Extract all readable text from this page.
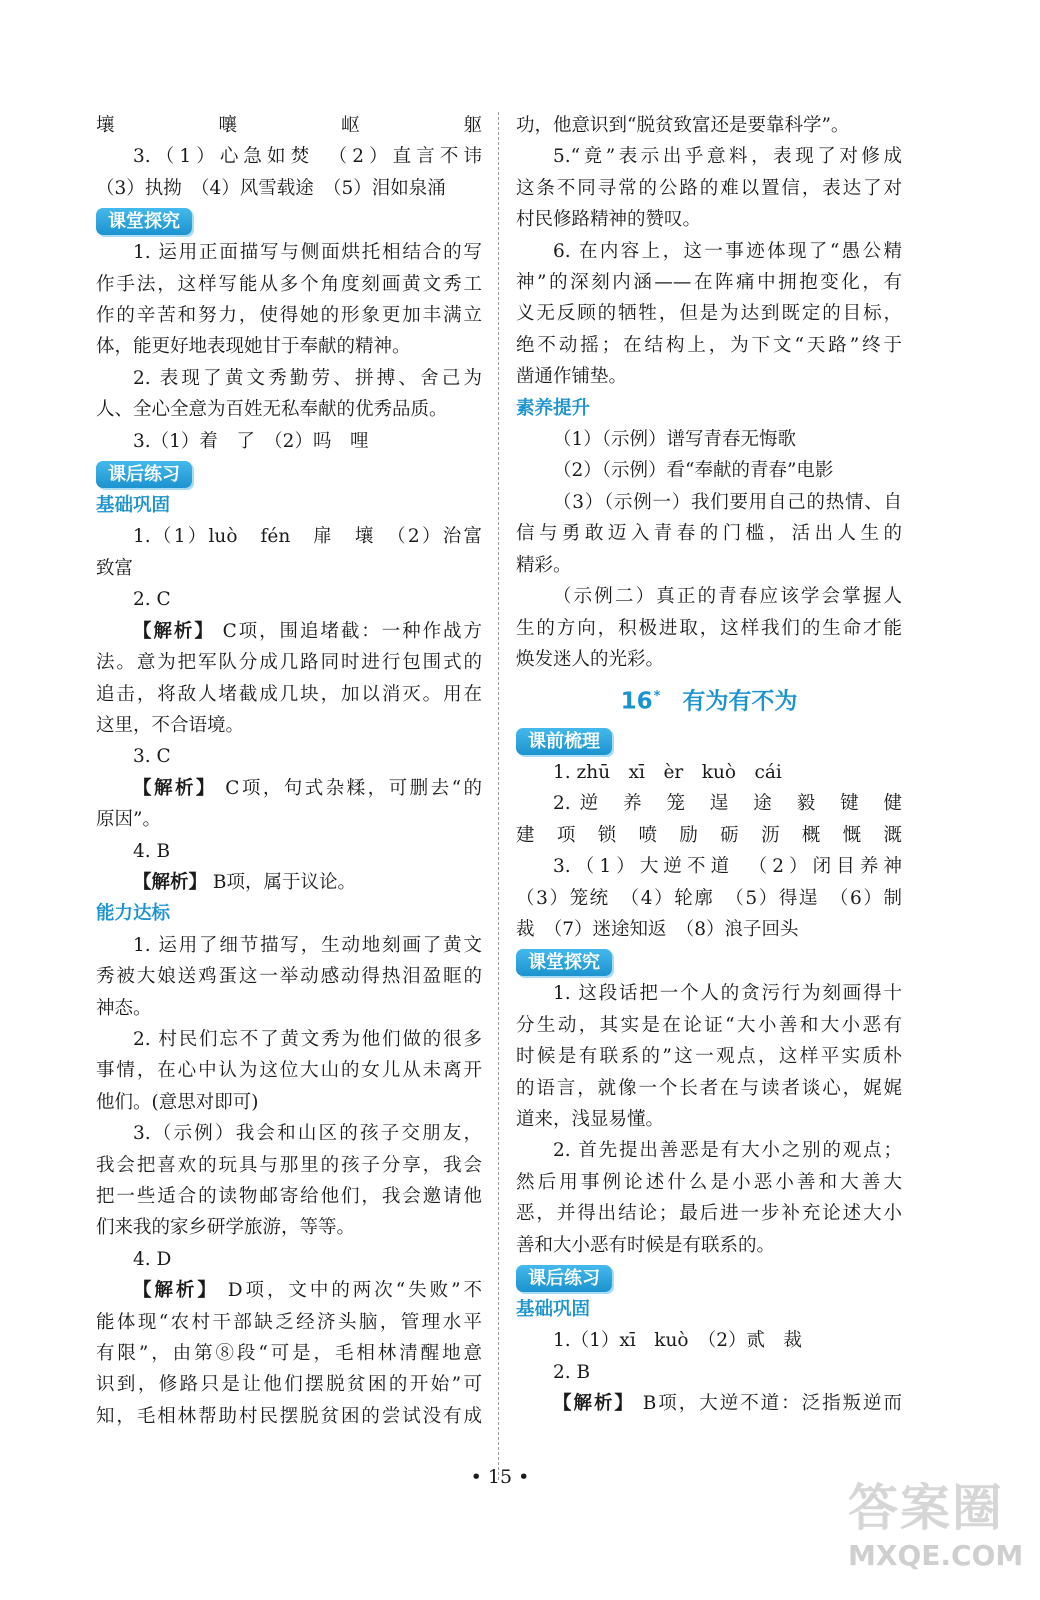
壤　嚷　岖　躯

3.（1）心急如焚　（2）直言不讳

（3）执拗　（4）风雪载途　（5）泪如泉涌

课堂探究

1. 运用正面描写与侧面烘托相结合的写

作手法，这样写能从多个角度刻画黄文秀工

作的辛苦和努力，使得她的形象更加丰满立

体，能更好地表现她甘于奉献的精神。

2. 表现了黄文秀勤劳、拼搏、舍己为

人、全心全意为百姓无私奉献的优秀品质。

3.（1）着　了　（2）吗　哩

课后练习
基础巩固

1.（1）luò　fén　扉　壤　（2）治富

致富

2. C

【解析】 C项，围追堵截：一种作战方

法。意为把军队分成几路同时进行包围式的

追击，将敌人堵截成几块，加以消灭。用在

这里，不合语境。

3. C

【解析】 C项，句式杂糅，可删去“的

原因”。

4. B

【解析】 B项，属于议论。

能力达标

1. 运用了细节描写，生动地刻画了黄文

秀被大娘送鸡蛋这一举动感动得热泪盈眶的

神态。

2. 村民们忘不了黄文秀为他们做的很多

事情，在心中认为这位大山的女儿从未离开

他们。(意思对即可)

3.（示例）我会和山区的孩子交朋友，

我会把喜欢的玩具与那里的孩子分享，我会

把一些适合的读物邮寄给他们，我会邀请他

们来我的家乡研学旅游，等等。

4. D

【解析】 D项，文中的两次“失败”不

能体现“农村干部缺乏经济头脑，管理水平

有限”，由第⑧段“可是，毛相林清醒地意

识到，修路只是让他们摆脱贫困的开始”可

知，毛相林帮助村民摆脱贫困的尝试没有成

功，他意识到“脱贫致富还是要靠科学”。

5.“竟”表示出乎意料，表现了对修成

这条不同寻常的公路的难以置信，表达了对

村民修路精神的赞叹。

6. 在内容上，这一事迹体现了“愚公精

神”的深刻内涵——在阵痛中拥抱变化，有

义无反顾的牺牲，但是为达到既定的目标，

绝不动摇；在结构上，为下文“天路”终于

凿通作铺垫。

素养提升

（1）（示例）谱写青春无悔歌

（2）（示例）看“奉献的青春”电影

（3）（示例一）我们要用自己的热情、自

信与勇敢迈入青春的门槛，活出人生的

精彩。

（示例二）真正的青春应该学会掌握人

生的方向，积极进取，这样我们的生命才能

焕发迷人的光彩。

16* 有为有不为
课前梳理

1. zhū　xī　èr　kuò　cái

2. 逆　养　笼　逞　途　毅　键　健

建　项　锁　喷　励　砺　沥　概　慨　溉

3.（1）大逆不道　（2）闭目养神

（3）笼统　（4）轮廓　（5）得逞　（6）制

裁　（7）迷途知返　（8）浪子回头

课堂探究

1. 这段话把一个人的贪污行为刻画得十

分生动，其实是在论证“大小善和大小恶有

时候是有联系的”这一观点，这样平实质朴

的语言，就像一个长者在与读者谈心，娓娓

道来，浅显易懂。

2. 首先提出善恶是有大小之别的观点；

然后用事例论述什么是小恶小善和大善大

恶，并得出结论；最后进一步补充论述大小

善和大小恶有时候是有联系的。

课后练习
基础巩固

1.（1）xī　kuò　（2）贰　裁

2. B

【解析】 B项，大逆不道：泛指叛逆而

• 15 •
答案圈
MXQE.COM
